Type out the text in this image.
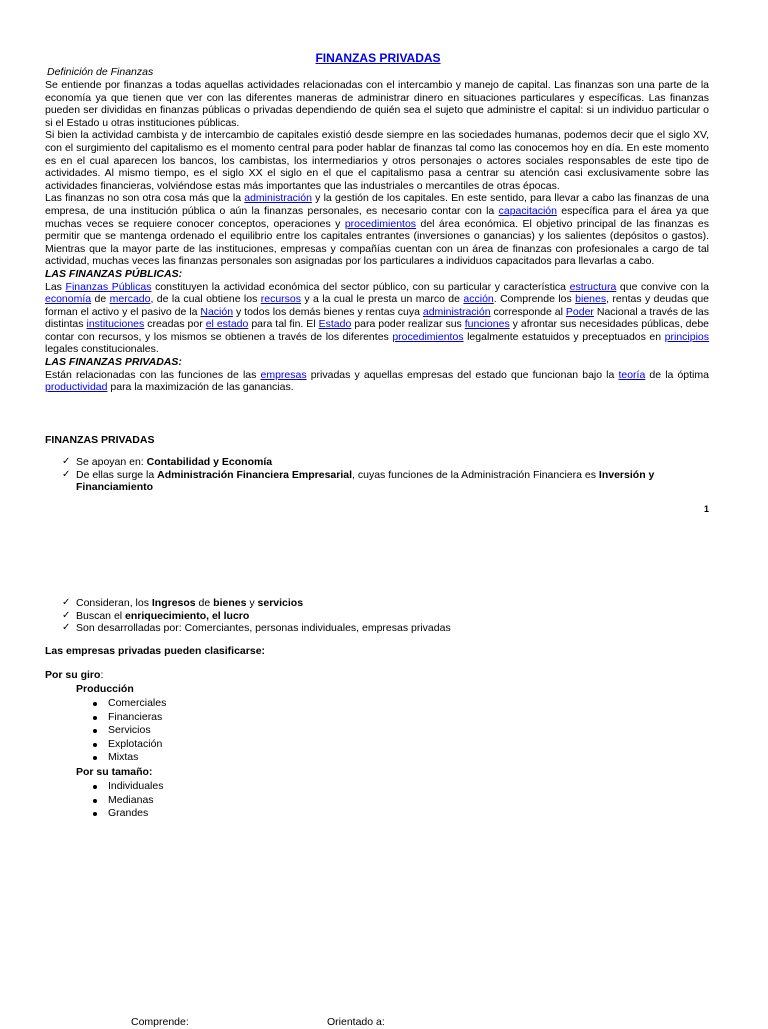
FINANZAS PRIVADAS
Definición de Finanzas

Se entiende por finanzas a todas aquellas actividades relacionadas con el intercambio y manejo de capital. Las finanzas son una parte de la economía ya que tienen que ver con las diferentes maneras de administrar dinero en situaciones particulares y específicas. Las finanzas pueden ser divididas en finanzas públicas o privadas dependiendo de quién sea el sujeto que administre el capital: si un individuo particular o si el Estado u otras instituciones públicas.

Si bien la actividad cambista y de intercambio de capitales existió desde siempre en las sociedades humanas, podemos decir que el siglo XV, con el surgimiento del capitalismo es el momento central para poder hablar de finanzas tal como las conocemos hoy en día. En este momento es en el cual aparecen los bancos, los cambistas, los intermediarios y otros personajes o actores sociales responsables de este tipo de actividades. Al mismo tiempo, es el siglo XX el siglo en el que el capitalismo pasa a centrar su atención casi exclusivamente sobre las actividades financieras, volviéndose estas más importantes que las industriales o mercantiles de otras épocas.

Las finanzas no son otra cosa más que la administración y la gestión de los capitales. En este sentido, para llevar a cabo las finanzas de una empresa, de una institución pública o aún la finanzas personales, es necesario contar con la capacitación específica para el área ya que muchas veces se requiere conocer conceptos, operaciones y procedimientos del área económica. El objetivo principal de las finanzas es permitir que se mantenga ordenado el equilibrio entre los capitales entrantes (inversiones o ganancias) y los salientes (depósitos o gastos). Mientras que la mayor parte de las instituciones, empresas y compañías cuentan con un área de finanzas con profesionales a cargo de tal actividad, muchas veces las finanzas personales son asignadas por los particulares a individuos capacitados para llevarlas a cabo.

LAS FINANZAS PÚBLICAS:

Las Finanzas Públicas constituyen la actividad económica del sector público, con su particular y característica estructura que convive con la economía de mercado, de la cual obtiene los recursos y a la cual le presta un marco de acción. Comprende los bienes, rentas y deudas que forman el activo y el pasivo de la Nación y todos los demás bienes y rentas cuya administración corresponde al Poder Nacional a través de las distintas instituciones creadas por el estado para tal fin. El Estado para poder realizar sus funciones y afrontar sus necesidades públicas, debe contar con recursos, y los mismos se obtienen a través de los diferentes procedimientos legalmente estatuidos y preceptuados en principios legales constitucionales.

LAS FINANZAS PRIVADAS:

Están relacionadas con las funciones de las empresas privadas y aquellas empresas del estado que funcionan bajo la teoría de la óptima productividad para la maximización de las ganancias.

FINANZAS PRIVADAS
✓ Se apoyan en: Contabilidad y Economía
✓ De ellas surge la Administración Financiera Empresarial, cuyas funciones de la Administración Financiera es Inversión y Financiamiento
1
✓ Consideran, los Ingresos de bienes y servicios
✓ Buscan el enriquecimiento, el lucro
✓ Son desarrolladas por: Comerciantes, personas individuales, empresas privadas
Las empresas privadas pueden clasificarse:
Por su giro:
Producción
Comerciales
Financieras
Servicios
Explotación
Mixtas
Por su tamaño:
Individuales
Medianas
Grandes
Comprende:	Orientado a:
